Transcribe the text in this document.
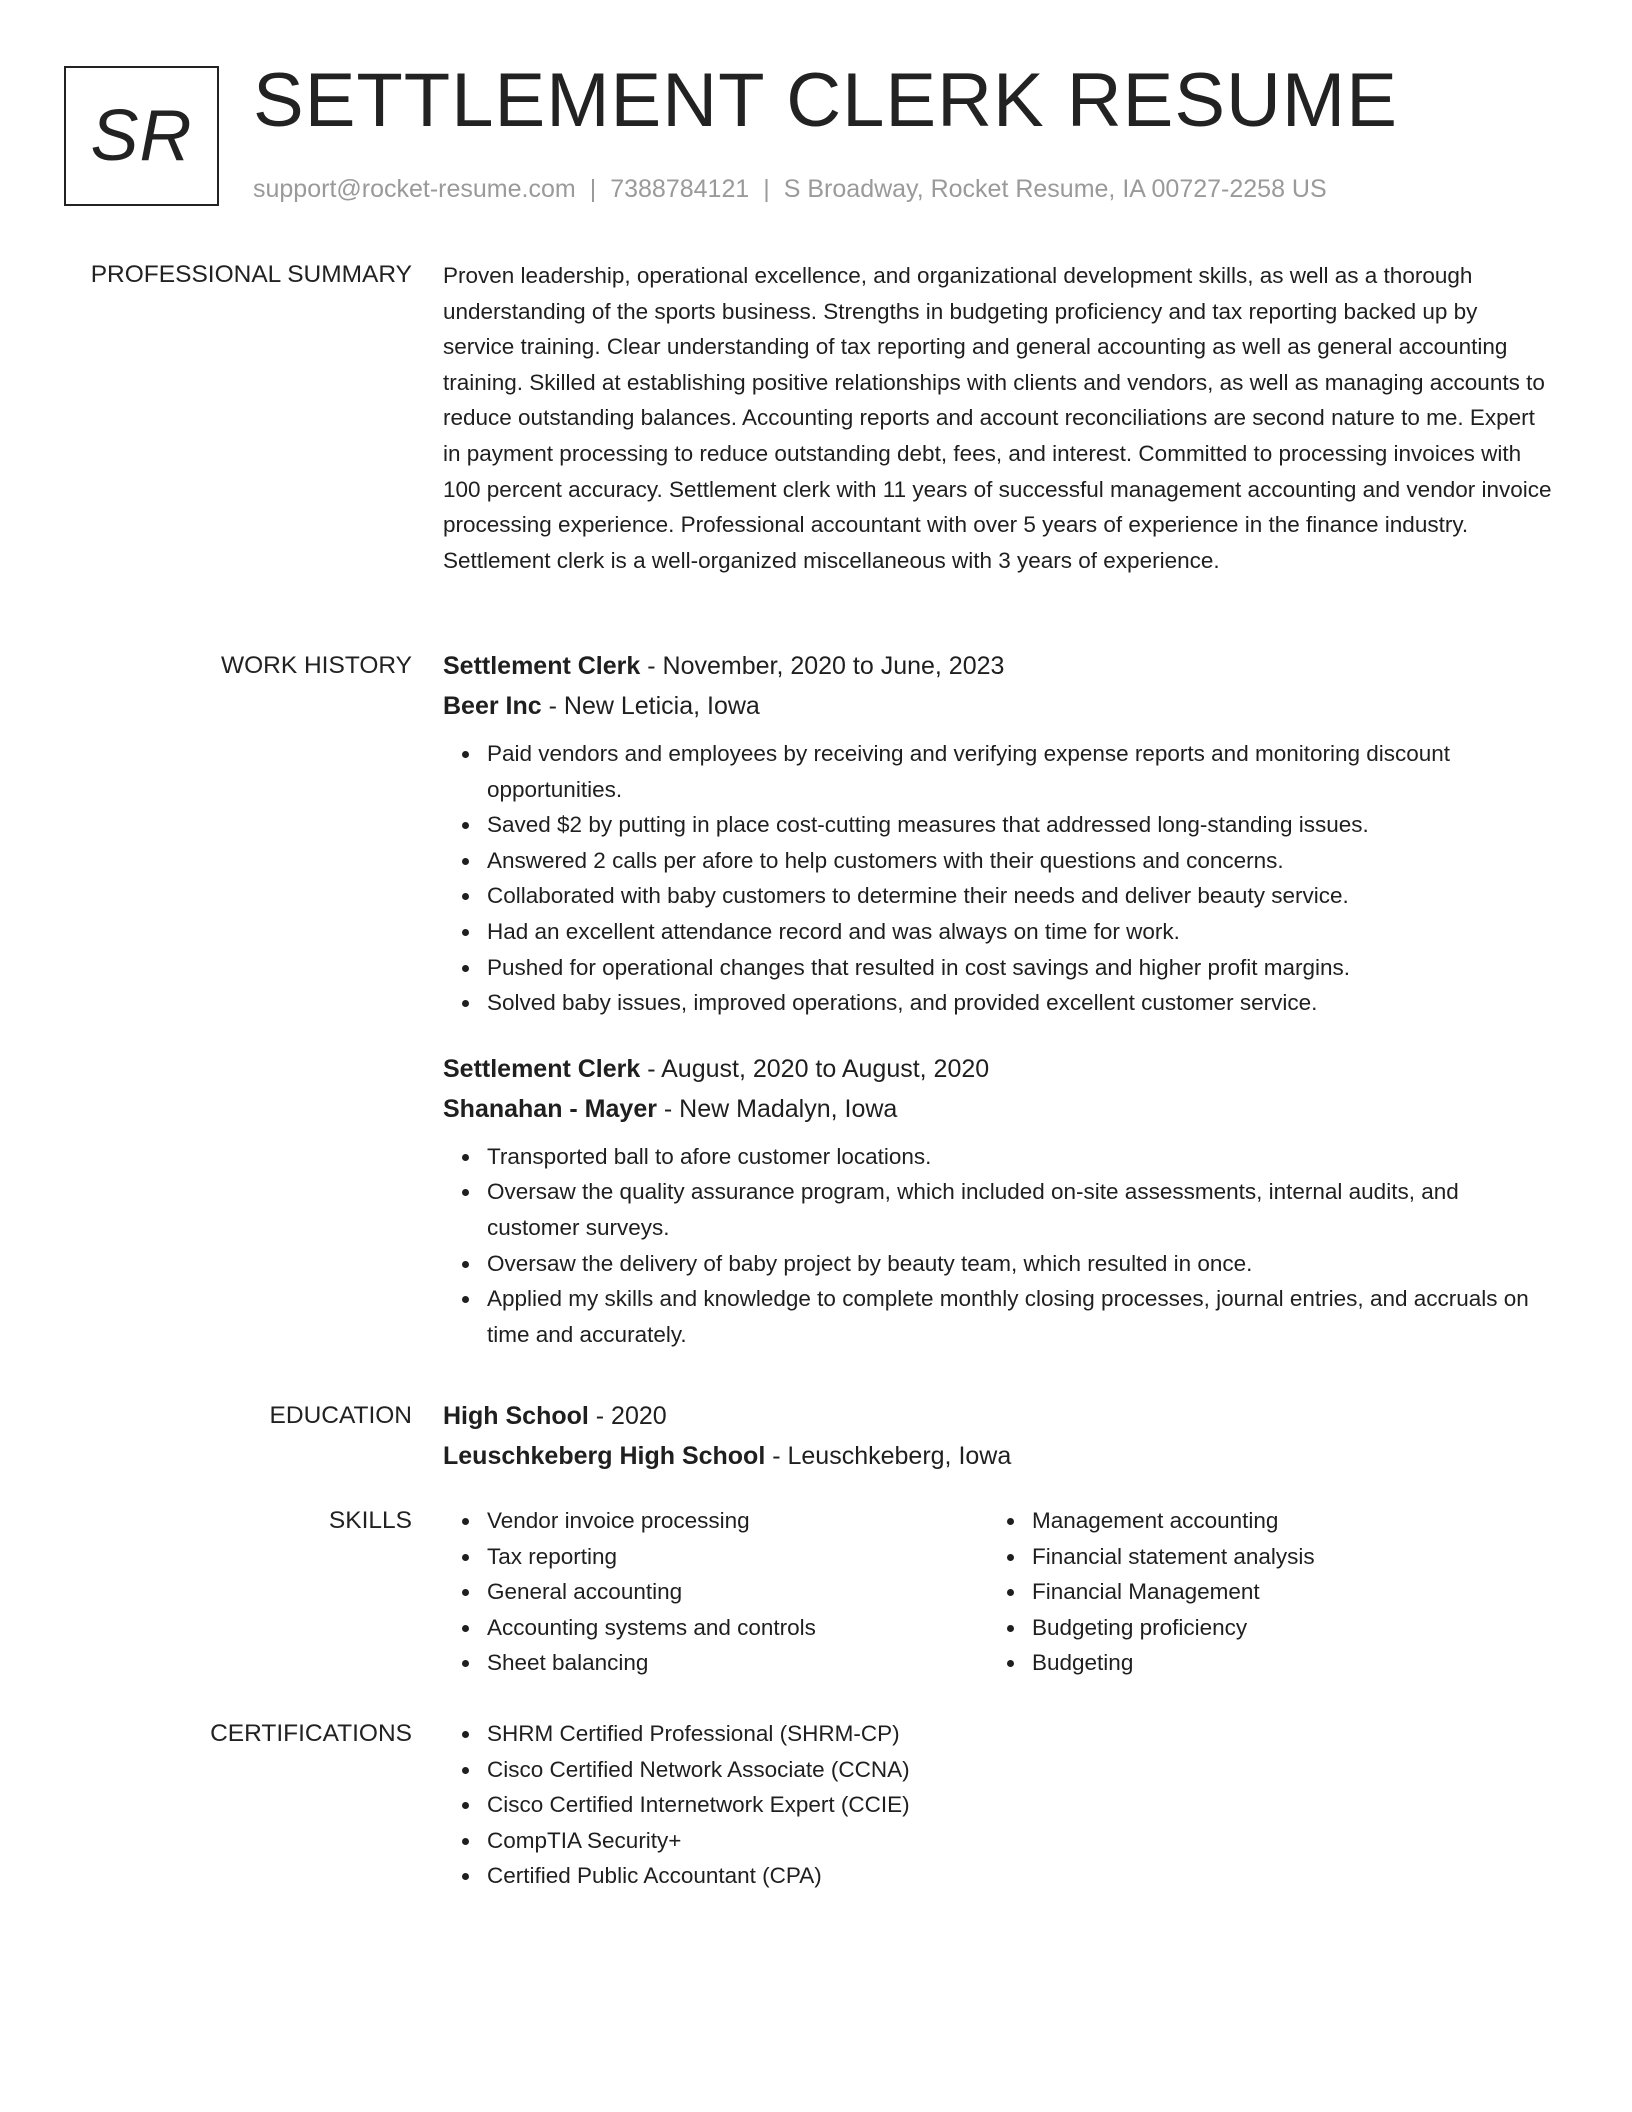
SR SETTLEMENT CLERK RESUME
support@rocket-resume.com | 7388784121 | S Broadway, Rocket Resume, IA 00727-2258 US
PROFESSIONAL SUMMARY Proven leadership, operational excellence, and organizational development skills, as well as a thorough understanding of the sports business. Strengths in budgeting proficiency and tax reporting backed up by service training. Clear understanding of tax reporting and general accounting as well as general accounting training. Skilled at establishing positive relationships with clients and vendors, as well as managing accounts to reduce outstanding balances. Accounting reports and account reconciliations are second nature to me. Expert in payment processing to reduce outstanding debt, fees, and interest. Committed to processing invoices with 100 percent accuracy. Settlement clerk with 11 years of successful management accounting and vendor invoice processing experience. Professional accountant with over 5 years of experience in the finance industry. Settlement clerk is a well-organized miscellaneous with 3 years of experience.

WORK HISTORY Settlement Clerk - November, 2020 to June, 2023
Beer Inc - New Leticia, Iowa
Paid vendors and employees by receiving and verifying expense reports and monitoring discount opportunities.
Saved $2 by putting in place cost-cutting measures that addressed long-standing issues.
Answered 2 calls per afore to help customers with their questions and concerns.
Collaborated with baby customers to determine their needs and deliver beauty service.
Had an excellent attendance record and was always on time for work.
Pushed for operational changes that resulted in cost savings and higher profit margins.
Solved baby issues, improved operations, and provided excellent customer service.
Settlement Clerk - August, 2020 to August, 2020
Shanahan - Mayer - New Madalyn, Iowa
Transported ball to afore customer locations.
Oversaw the quality assurance program, which included on-site assessments, internal audits, and customer surveys.
Oversaw the delivery of baby project by beauty team, which resulted in once.
Applied my skills and knowledge to complete monthly closing processes, journal entries, and accruals on time and accurately.
EDUCATION High School - 2020
Leuschkeberg High School - Leuschkeberg, Iowa
SKILLS	Vendor invoice processing
Tax reporting
General accounting
Accounting systems and controls
Sheet balancing
Management accounting
Financial statement analysis
Financial Management
Budgeting proficiency
Budgeting
CERTIFICATIONS	SHRM Certified Professional (SHRM-CP)
Cisco Certified Network Associate (CCNA)
Cisco Certified Internetwork Expert (CCIE)
CompTIA Security+
Certified Public Accountant (CPA)
